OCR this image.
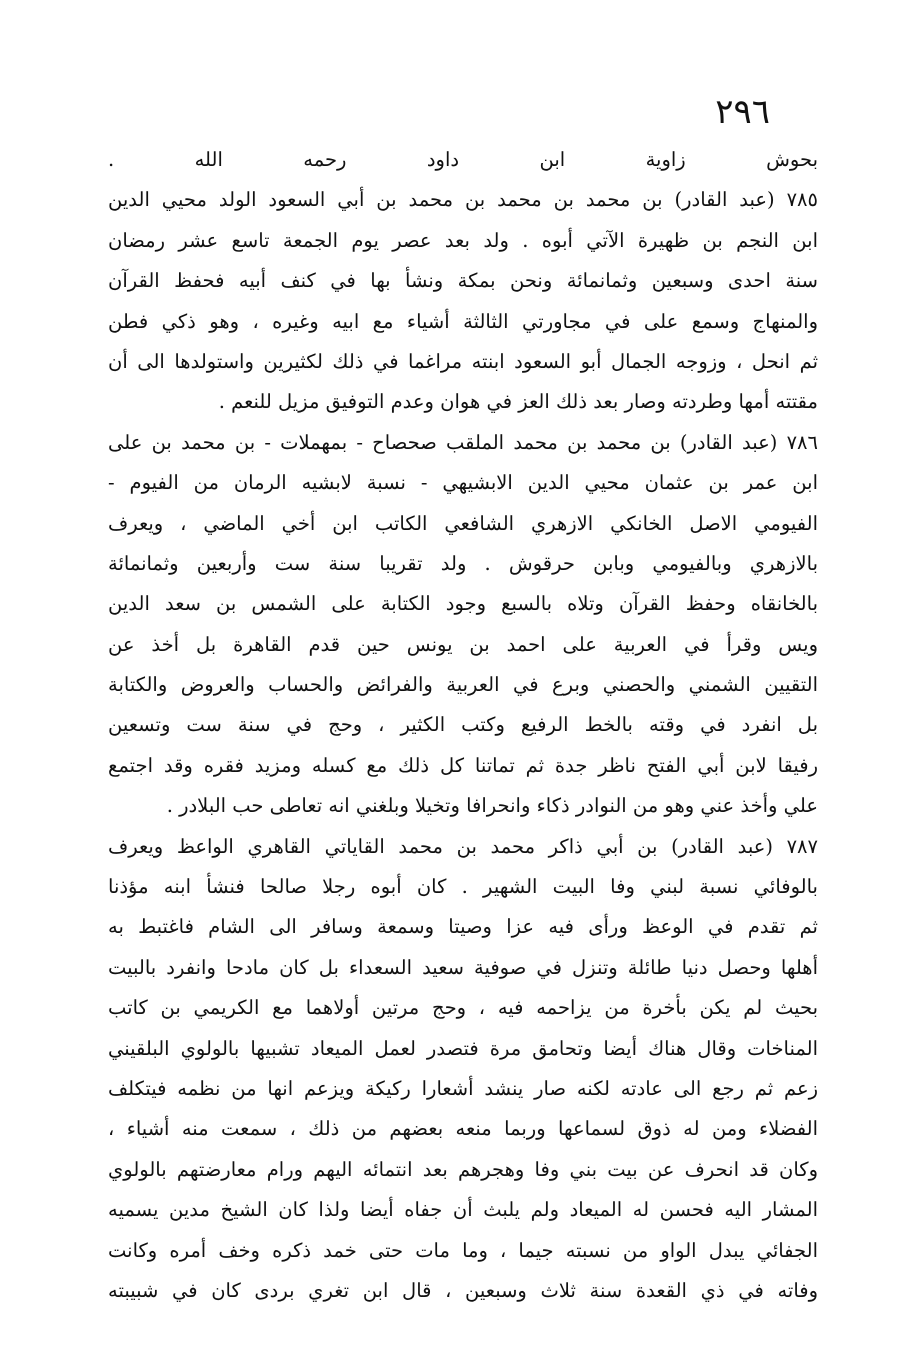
٢٩٦
بحوش زاوية ابن داود رحمه الله .
٧٨٥ (عبد القادر) بن محمد بن محمد بن محمد بن أبي السعود الولد محيي الدين
ابن النجم بن ظهيرة الآتي أبوه . ولد بعد عصر يوم الجمعة تاسع عشر رمضان
سنة احدى وسبعين وثمانمائة ونحن بمكة ونشأ بها في كنف أبيه فحفظ القرآن
والمنهاج وسمع على في مجاورتي الثالثة أشياء مع ابيه وغيره ، وهو ذكي فطن
ثم انحل ، وزوجه الجمال أبو السعود ابنته مراغما في ذلك لكثيرين واستولدها الى أن
مقتته أمها وطردته وصار بعد ذلك العز في هوان وعدم التوفيق مزيل للنعم .
٧٨٦ (عبد القادر) بن محمد بن محمد الملقب صحصاح - بمهملات - بن محمد بن على
ابن عمر بن عثمان محيي الدين الابشيهي - نسبة لابشيه الرمان من الفيوم -
الفيومي الاصل الخانكي الازهري الشافعي الكاتب ابن أخي الماضي ، ويعرف
بالازهري وبالفيومي وبابن حرقوش . ولد تقريبا سنة ست وأربعين وثمانمائة
بالخانقاه وحفظ القرآن وتلاه بالسبع وجود الكتابة على الشمس بن سعد الدين
ويس وقرأ في العربية على احمد بن يونس حين قدم القاهرة بل أخذ عن
التقيين الشمني والحصني وبرع في العربية والفرائض والحساب والعروض والكتابة
بل انفرد في وقته بالخط الرفيع وكتب الكثير ، وحج في سنة ست وتسعين
رفيقا لابن أبي الفتح ناظر جدة ثم تماتنا كل ذلك مع كسله ومزيد فقره وقد اجتمع
علي وأخذ عني وهو من النوادر ذكاء وانحرافا وتخيلا وبلغني انه تعاطى حب البلادر .
٧٨٧ (عبد القادر) بن أبي ذاكر محمد بن محمد القاياتي القاهري الواعظ ويعرف
بالوفائي نسبة لبني وفا البيت الشهير . كان أبوه رجلا صالحا فنشأ ابنه مؤذنا
ثم تقدم في الوعظ ورأى فيه عزا وصيتا وسمعة وسافر الى الشام فاغتبط به
أهلها وحصل دنيا طائلة وتنزل في صوفية سعيد السعداء بل كان مادحا وانفرد بالبيت
بحيث لم يكن بأخرة من يزاحمه فيه ، وحج مرتين أولاهما مع الكريمي بن كاتب
المناخات وقال هناك أيضا وتحامق مرة فتصدر لعمل الميعاد تشبيها بالولوي البلقيني
زعم ثم رجع الى عادته لكنه صار ينشد أشعارا ركيكة ويزعم انها من نظمه فيتكلف
الفضلاء ومن له ذوق لسماعها وربما منعه بعضهم من ذلك ، سمعت منه أشياء ،
وكان قد انحرف عن بيت بني وفا وهجرهم بعد انتمائه اليهم ورام معارضتهم بالولوي
المشار اليه فحسن له الميعاد ولم يلبث أن جفاه أيضا ولذا كان الشيخ مدين يسميه
الجفائي يبدل الواو من نسبته جيما ، وما مات حتى خمد ذكره وخف أمره وكانت
وفاته في ذي القعدة سنة ثلاث وسبعين ، قال ابن تغري بردى كان في شبيبته
